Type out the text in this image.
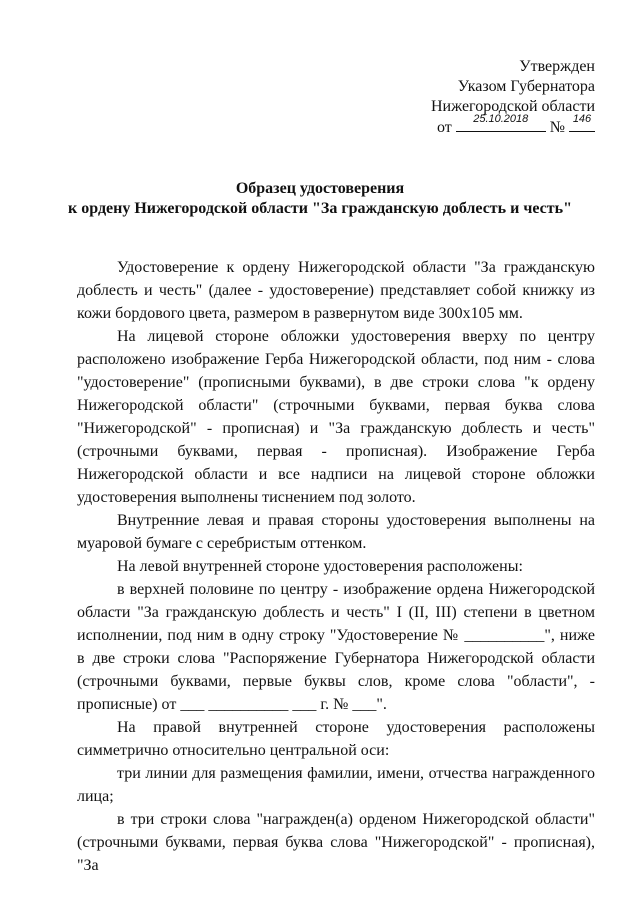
Утвержден
Указом Губернатора
Нижегородской области
от	25.10.2018	№ 146
Образец удостоверения
к ордену Нижегородской области "За гражданскую доблесть и честь"

Удостоверение к ордену Нижегородской области "За гражданскую доблесть и честь" (далее - удостоверение) представляет собой книжку из кожи бордового цвета, размером в развернутом виде 300x105 мм.

На лицевой стороне обложки удостоверения вверху по центру расположено изображение Герба Нижегородской области, под ним - слова "удостоверение" (прописными буквами), в две строки слова "к ордену Нижегородской области" (строчными буквами, первая буква слова "Нижегородской" - прописная) и "За гражданскую доблесть и честь" (строчными буквами, первая - прописная). Изображение Герба Нижегородской области и все надписи на лицевой стороне обложки удостоверения выполнены тиснением под золото.

Внутренние левая и правая стороны удостоверения выполнены на муаровой бумаге с серебристым оттенком.

На левой внутренней стороне удостоверения расположены:

в верхней половине по центру - изображение ордена Нижегородской области "За гражданскую доблесть и честь" I (II, III) степени в цветном исполнении, под ним в одну строку "Удостоверение № __________", ниже в две строки слова "Распоряжение Губернатора Нижегородской области (строчными буквами, первые буквы слов, кроме слова "области", - прописные) от ___ __________ ___ г. № ___".

На правой внутренней стороне удостоверения расположены симметрично относительно центральной оси:

три линии для размещения фамилии, имени, отчества награжденного лица;

в три строки слова "награжден(а) орденом Нижегородской области" (строчными буквами, первая буква слова "Нижегородской" - прописная), "За
